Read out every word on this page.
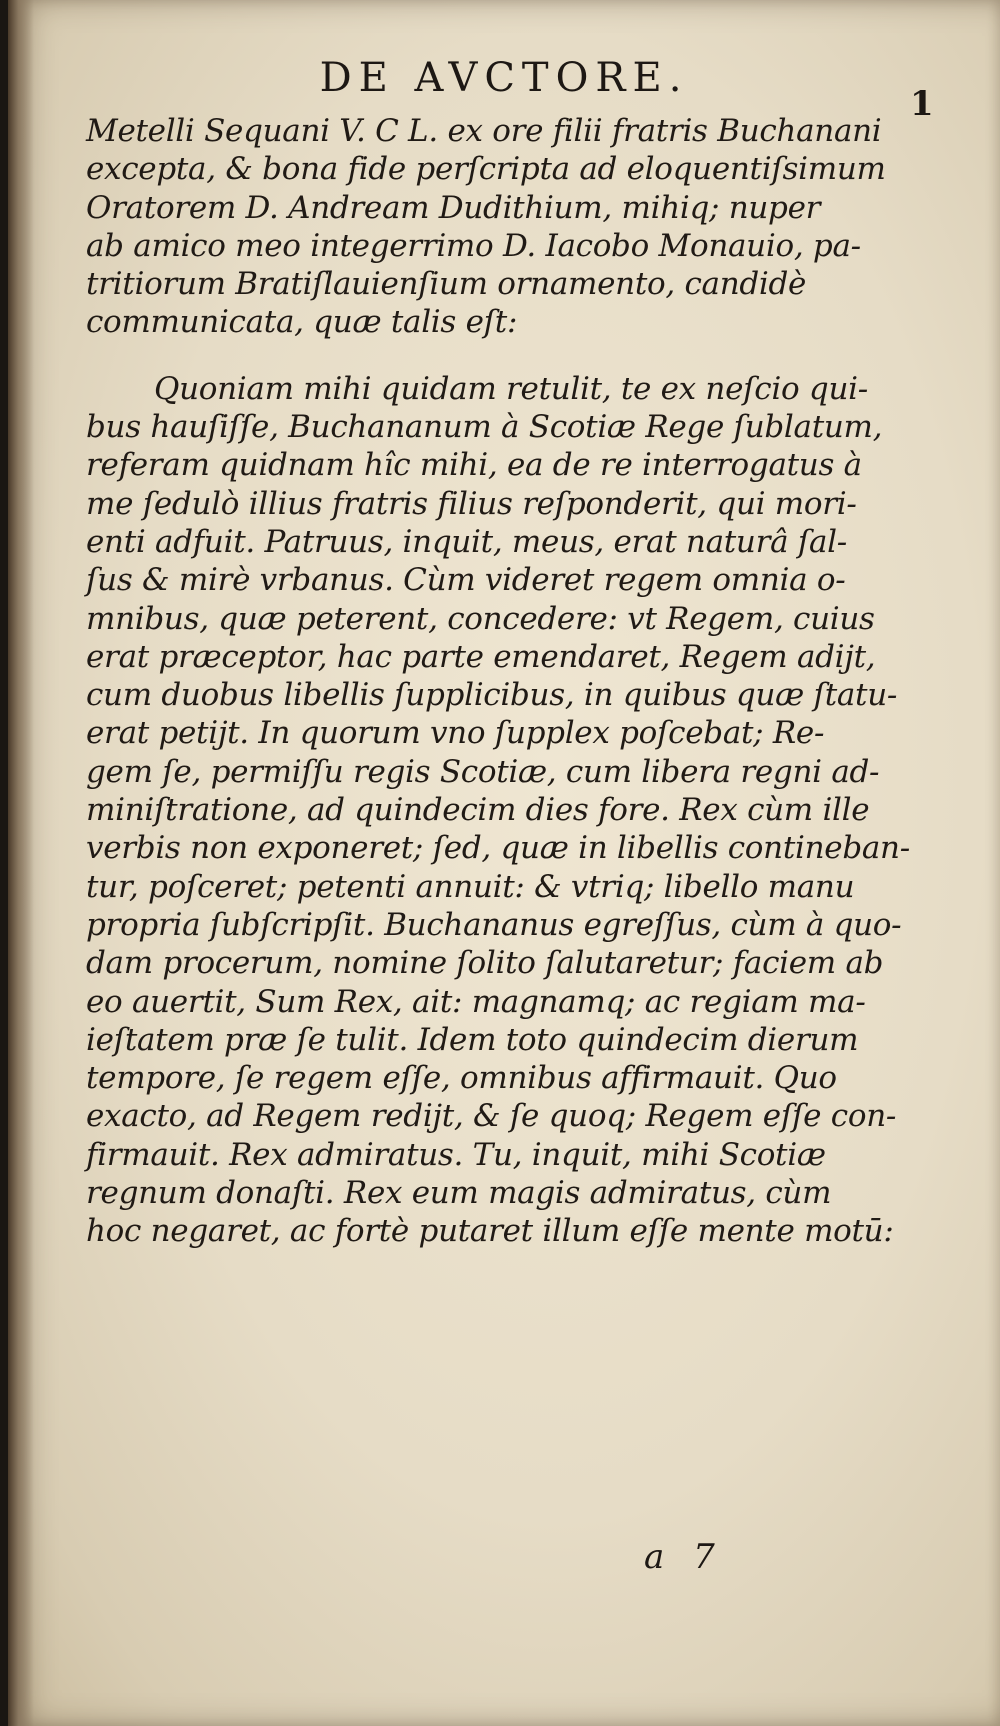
DE AVCTORE.
1
Metelli Sequani V. C L. ex ore filii fratris Buchanani
excepta, & bona fide perſcripta ad eloquentiſsimum
Oratorem D. Andream Dudithium, mihiq; nuper
ab amico meo integerrimo D. Iacobo Monauio, pa-
tritiorum Bratiſlauienſium ornamento, candidè
communicata, quæ talis eſt:
Quoniam mihi quidam retulit, te ex neſcio qui-
bus hauſiſſe, Buchananum à Scotiæ Rege ſublatum,
referam quidnam hîc mihi, ea de re interrogatus à
me ſedulò illius fratris filius reſponderit, qui mori-
enti adfuit. Patruus, inquit, meus, erat naturâ ſal-
ſus & mirè vrbanus. Cùm videret regem omnia o-
mnibus, quæ peterent, concedere: vt Regem, cuius
erat præceptor, hac parte emendaret, Regem adijt,
cum duobus libellis ſupplicibus, in quibus quæ ſtatu-
erat petijt. In quorum vno ſupplex poſcebat; Re-
gem ſe, permiſſu regis Scotiæ, cum libera regni ad-
miniſtratione, ad quindecim dies fore. Rex cùm ille
verbis non exponeret; ſed, quæ in libellis contineban-
tur, poſceret; petenti annuit: & vtriq; libello manu
propria ſubſcripſit. Buchananus egreſſus, cùm à quo-
dam procerum, nomine ſolito ſalutaretur; faciem ab
eo auertit, Sum Rex, ait: magnamq; ac regiam ma-
ieſtatem præ ſe tulit. Idem toto quindecim dierum
tempore, ſe regem eſſe, omnibus affirmauit. Quo
exacto, ad Regem redijt, & ſe quoq; Regem eſſe con-
firmauit. Rex admiratus. Tu, inquit, mihi Scotiæ
regnum donaſti. Rex eum magis admiratus, cùm
hoc negaret, ac fortè putaret illum eſſe mente motū:
a 7
